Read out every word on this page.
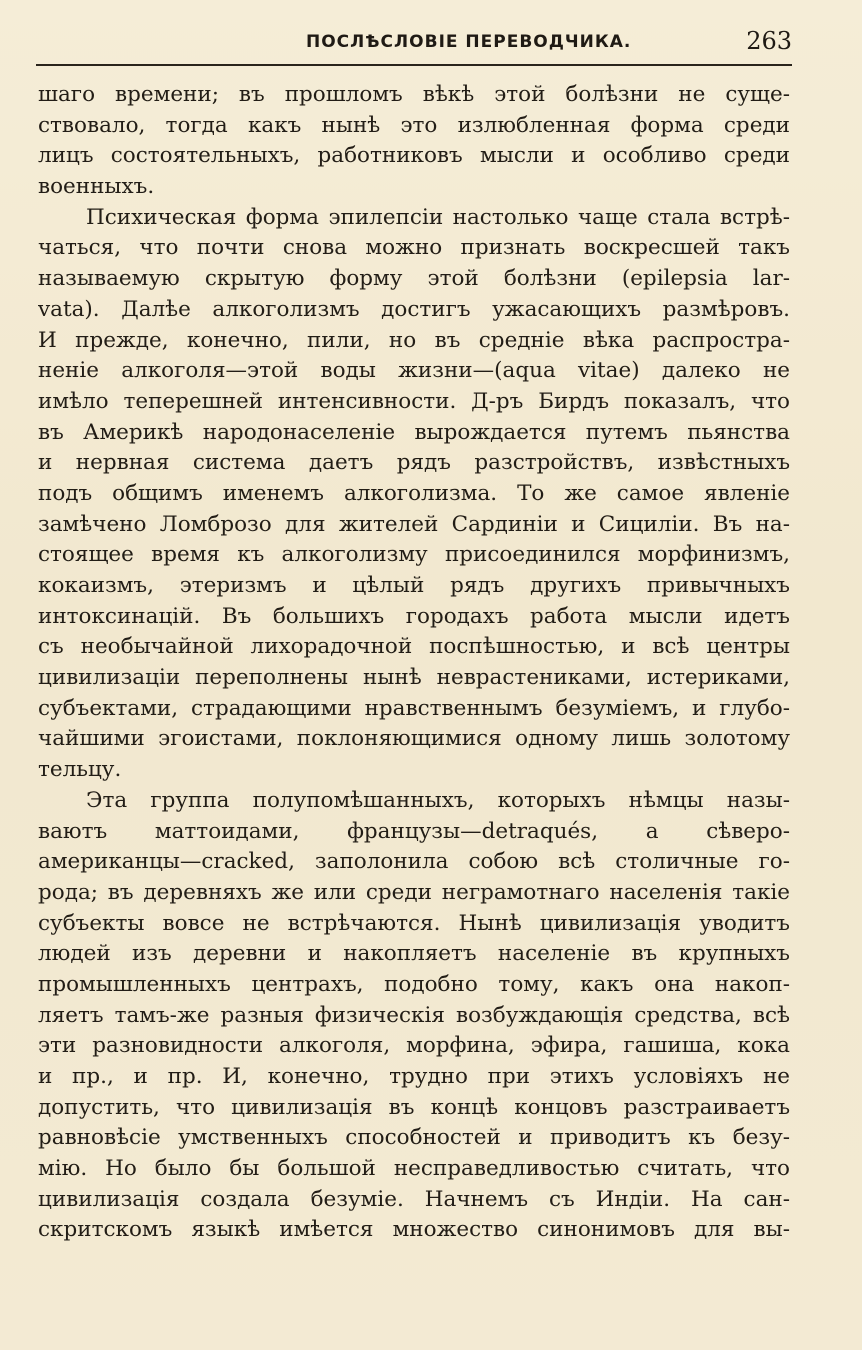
ПОСЛѢСЛОВІЕ ПЕРЕВОДЧИКА.	263
шаго времени; въ прошломъ вѣкѣ этой болѣзни не суще-
ствовало, тогда какъ нынѣ это излюбленная форма среди
лицъ состоятельныхъ, работниковъ мысли и особливо среди
военныхъ.
Психическая форма эпилепсіи настолько чаще стала встрѣ-
чаться, что почти снова можно признать воскресшей такъ
называемую скрытую форму этой болѣзни (epilepsia lar-
vata). Далѣе алкоголизмъ достигъ ужасающихъ размѣровъ.
И прежде, конечно, пили, но въ средніе вѣка распростра-
неніе алкоголя—этой воды жизни—(aqua vitae) далеко не
имѣло теперешней интенсивности. Д-ръ Бирдъ показалъ, что
въ Америкѣ народонаселеніе вырождается путемъ пьянства
и нервная система даетъ рядъ разстройствъ, извѣстныхъ
подъ общимъ именемъ алкоголизма. То же самое явленіе
замѣчено Ломброзо для жителей Сардиніи и Сициліи. Въ на-
стоящее время къ алкоголизму присоединился морфинизмъ,
кокаизмъ, этеризмъ и цѣлый рядъ другихъ привычныхъ
интоксинацій. Въ большихъ городахъ работа мысли идетъ
съ необычайной лихорадочной поспѣшностью, и всѣ центры
цивилизаціи переполнены нынѣ неврастениками, истериками,
субъектами, страдающими нравственнымъ безуміемъ, и глубо-
чайшими эгоистами, поклоняющимися одному лишь золотому
тельцу.
Эта группа полупомѣшанныхъ, которыхъ нѣмцы назы-
ваютъ маттоидами, французы—detraqués, а сѣверо-
американцы—cracked, заполонила собою всѣ столичные го-
рода; въ деревняхъ же или среди неграмотнаго населенія такіе
субъекты вовсе не встрѣчаются. Нынѣ цивилизація уводитъ
людей изъ деревни и накопляетъ населеніе въ крупныхъ
промышленныхъ центрахъ, подобно тому, какъ она накоп-
ляетъ тамъ-же разныя физическія возбуждающія средства, всѣ
эти разновидности алкоголя, морфина, эфира, гашиша, кока
и пр., и пр. И, конечно, трудно при этихъ условіяхъ не
допустить, что цивилизація въ концѣ концовъ разстраиваетъ
равновѣсіе умственныхъ способностей и приводитъ къ безу-
мію. Но было бы большой несправедливостью считать, что
цивилизація создала безуміе. Начнемъ съ Индіи. На сан-
скритскомъ языкѣ имѣется множество синонимовъ для вы-
